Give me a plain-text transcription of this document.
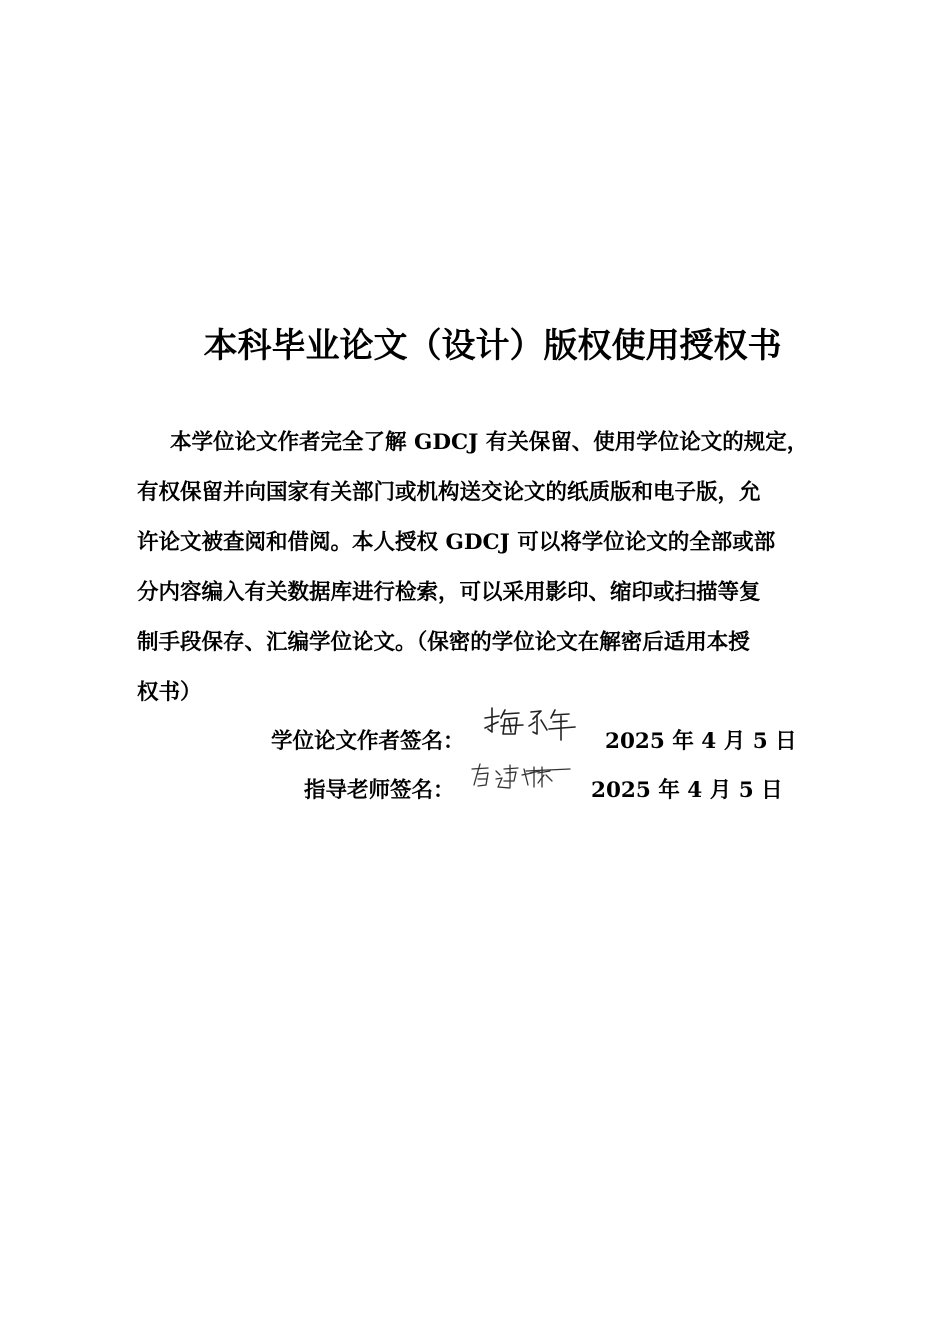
本科毕业论文（设计）版权使用授权书

本学位论文作者完全了解 GDCJ 有关保留、使用学位论文的规定，
有权保留并向国家有关部门或机构送交论文的纸质版和电子版，允
许论文被查阅和借阅。本人授权 GDCJ 可以将学位论文的全部或部
分内容编入有关数据库进行检索，可以采用影印、缩印或扫描等复
制手段保存、汇编学位论文。（保密的学位论文在解密后适用本授
权书）

学位论文作者签名：	2025 年 4 月 5 日
指导老师签名：	2025 年 4 月 5 日
